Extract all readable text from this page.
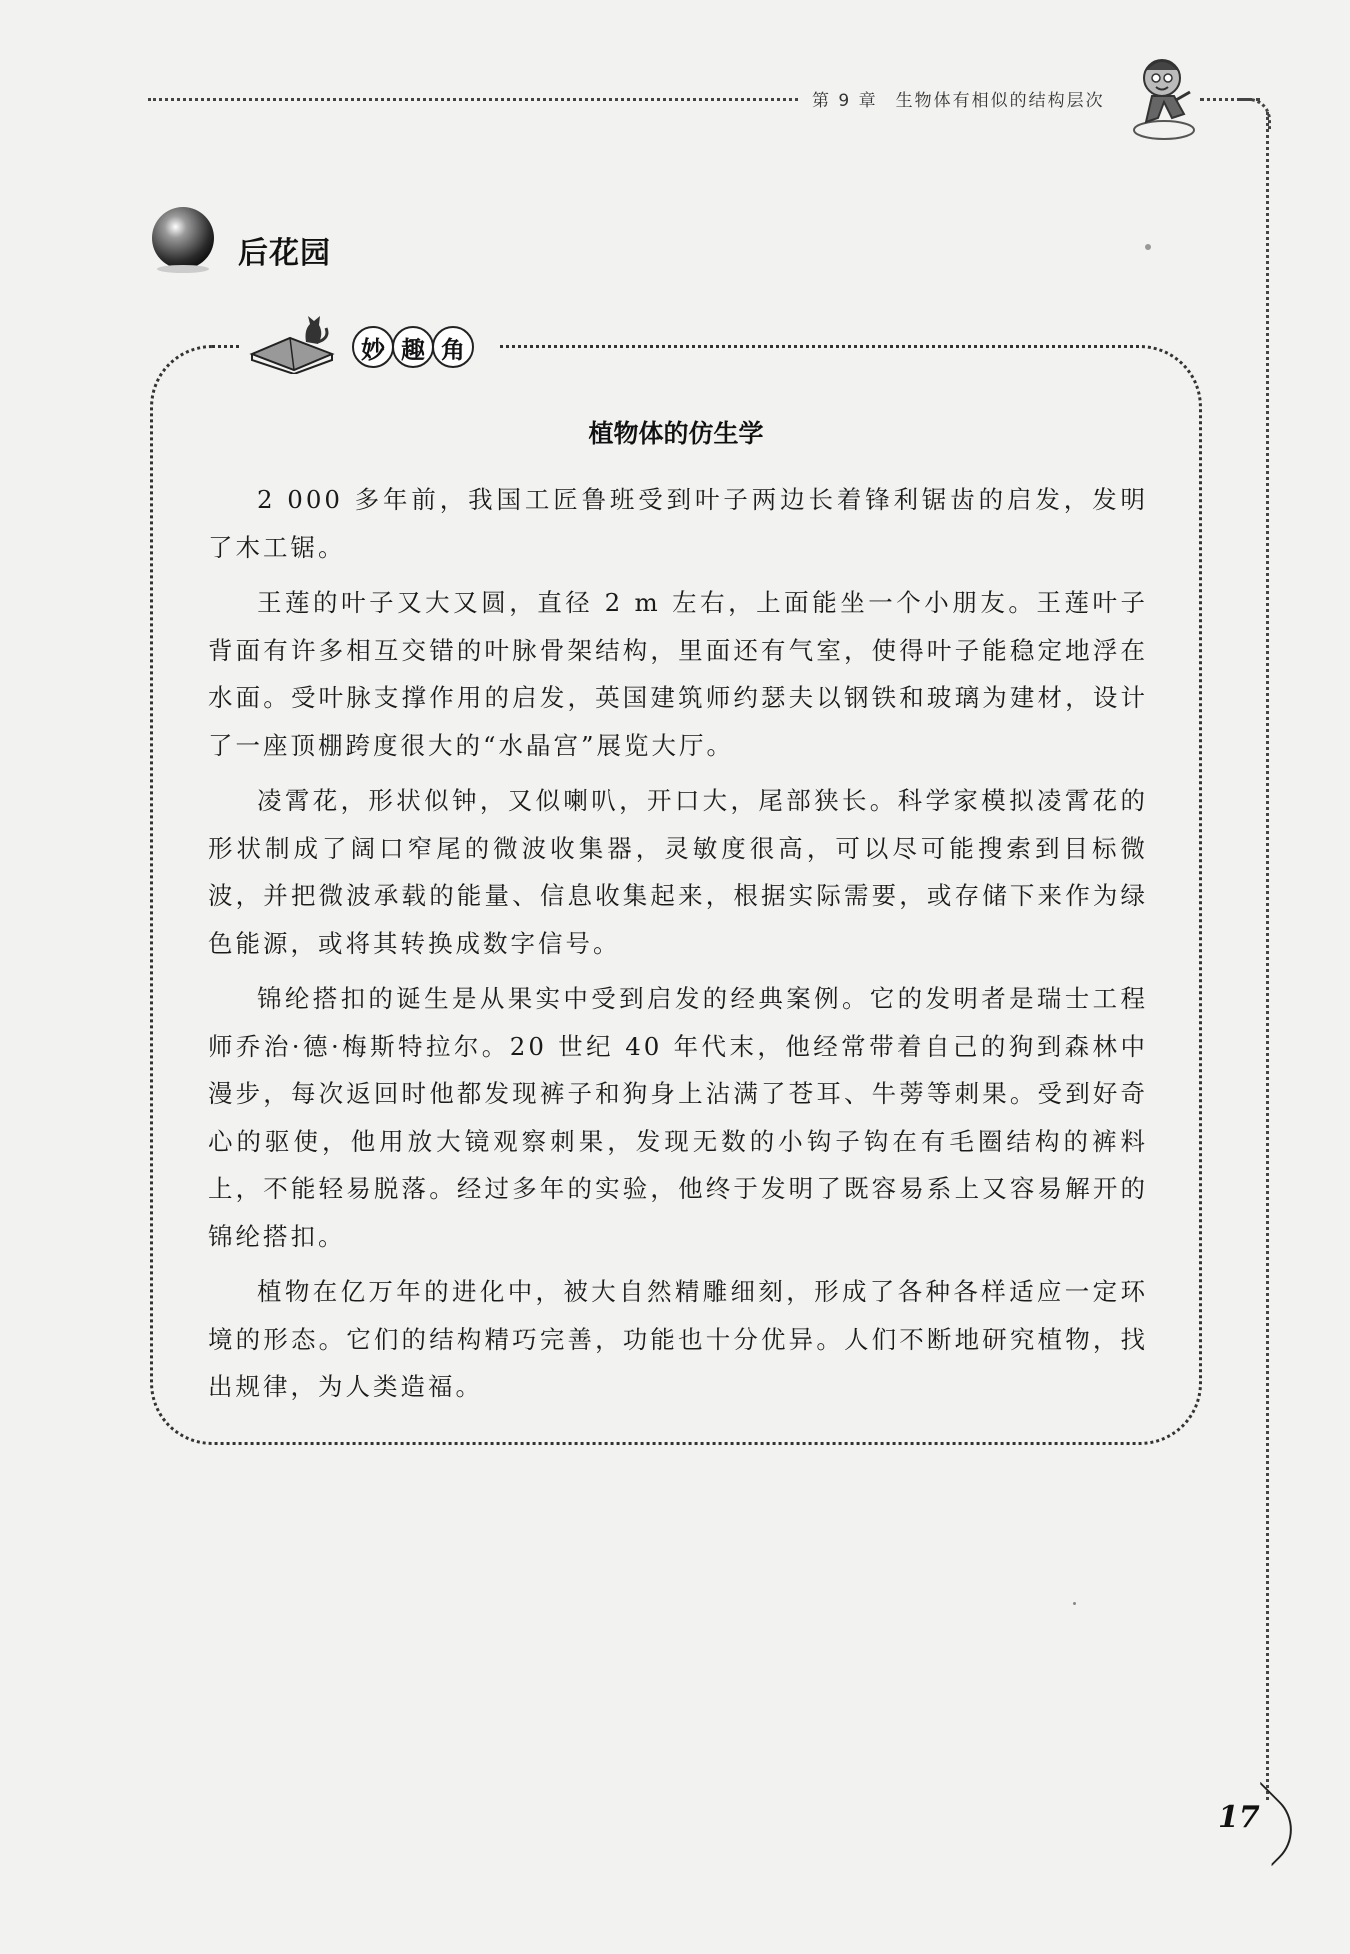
第 9 章 生物体有相似的结构层次
后花园
妙 趣 角
植物体的仿生学

2 000 多年前，我国工匠鲁班受到叶子两边长着锋利锯齿的启发，发明了木工锯。

王莲的叶子又大又圆，直径 2 m 左右，上面能坐一个小朋友。王莲叶子背面有许多相互交错的叶脉骨架结构，里面还有气室，使得叶子能稳定地浮在水面。受叶脉支撑作用的启发，英国建筑师约瑟夫以钢铁和玻璃为建材，设计了一座顶棚跨度很大的“水晶宫”展览大厅。

凌霄花，形状似钟，又似喇叭，开口大，尾部狭长。科学家模拟凌霄花的形状制成了阔口窄尾的微波收集器，灵敏度很高，可以尽可能搜索到目标微波，并把微波承载的能量、信息收集起来，根据实际需要，或存储下来作为绿色能源，或将其转换成数字信号。

锦纶搭扣的诞生是从果实中受到启发的经典案例。它的发明者是瑞士工程师乔治·德·梅斯特拉尔。20 世纪 40 年代末，他经常带着自己的狗到森林中漫步，每次返回时他都发现裤子和狗身上沾满了苍耳、牛蒡等刺果。受到好奇心的驱使，他用放大镜观察刺果，发现无数的小钩子钩在有毛圈结构的裤料上，不能轻易脱落。经过多年的实验，他终于发明了既容易系上又容易解开的锦纶搭扣。

植物在亿万年的进化中，被大自然精雕细刻，形成了各种各样适应一定环境的形态。它们的结构精巧完善，功能也十分优异。人们不断地研究植物，找出规律，为人类造福。

17
